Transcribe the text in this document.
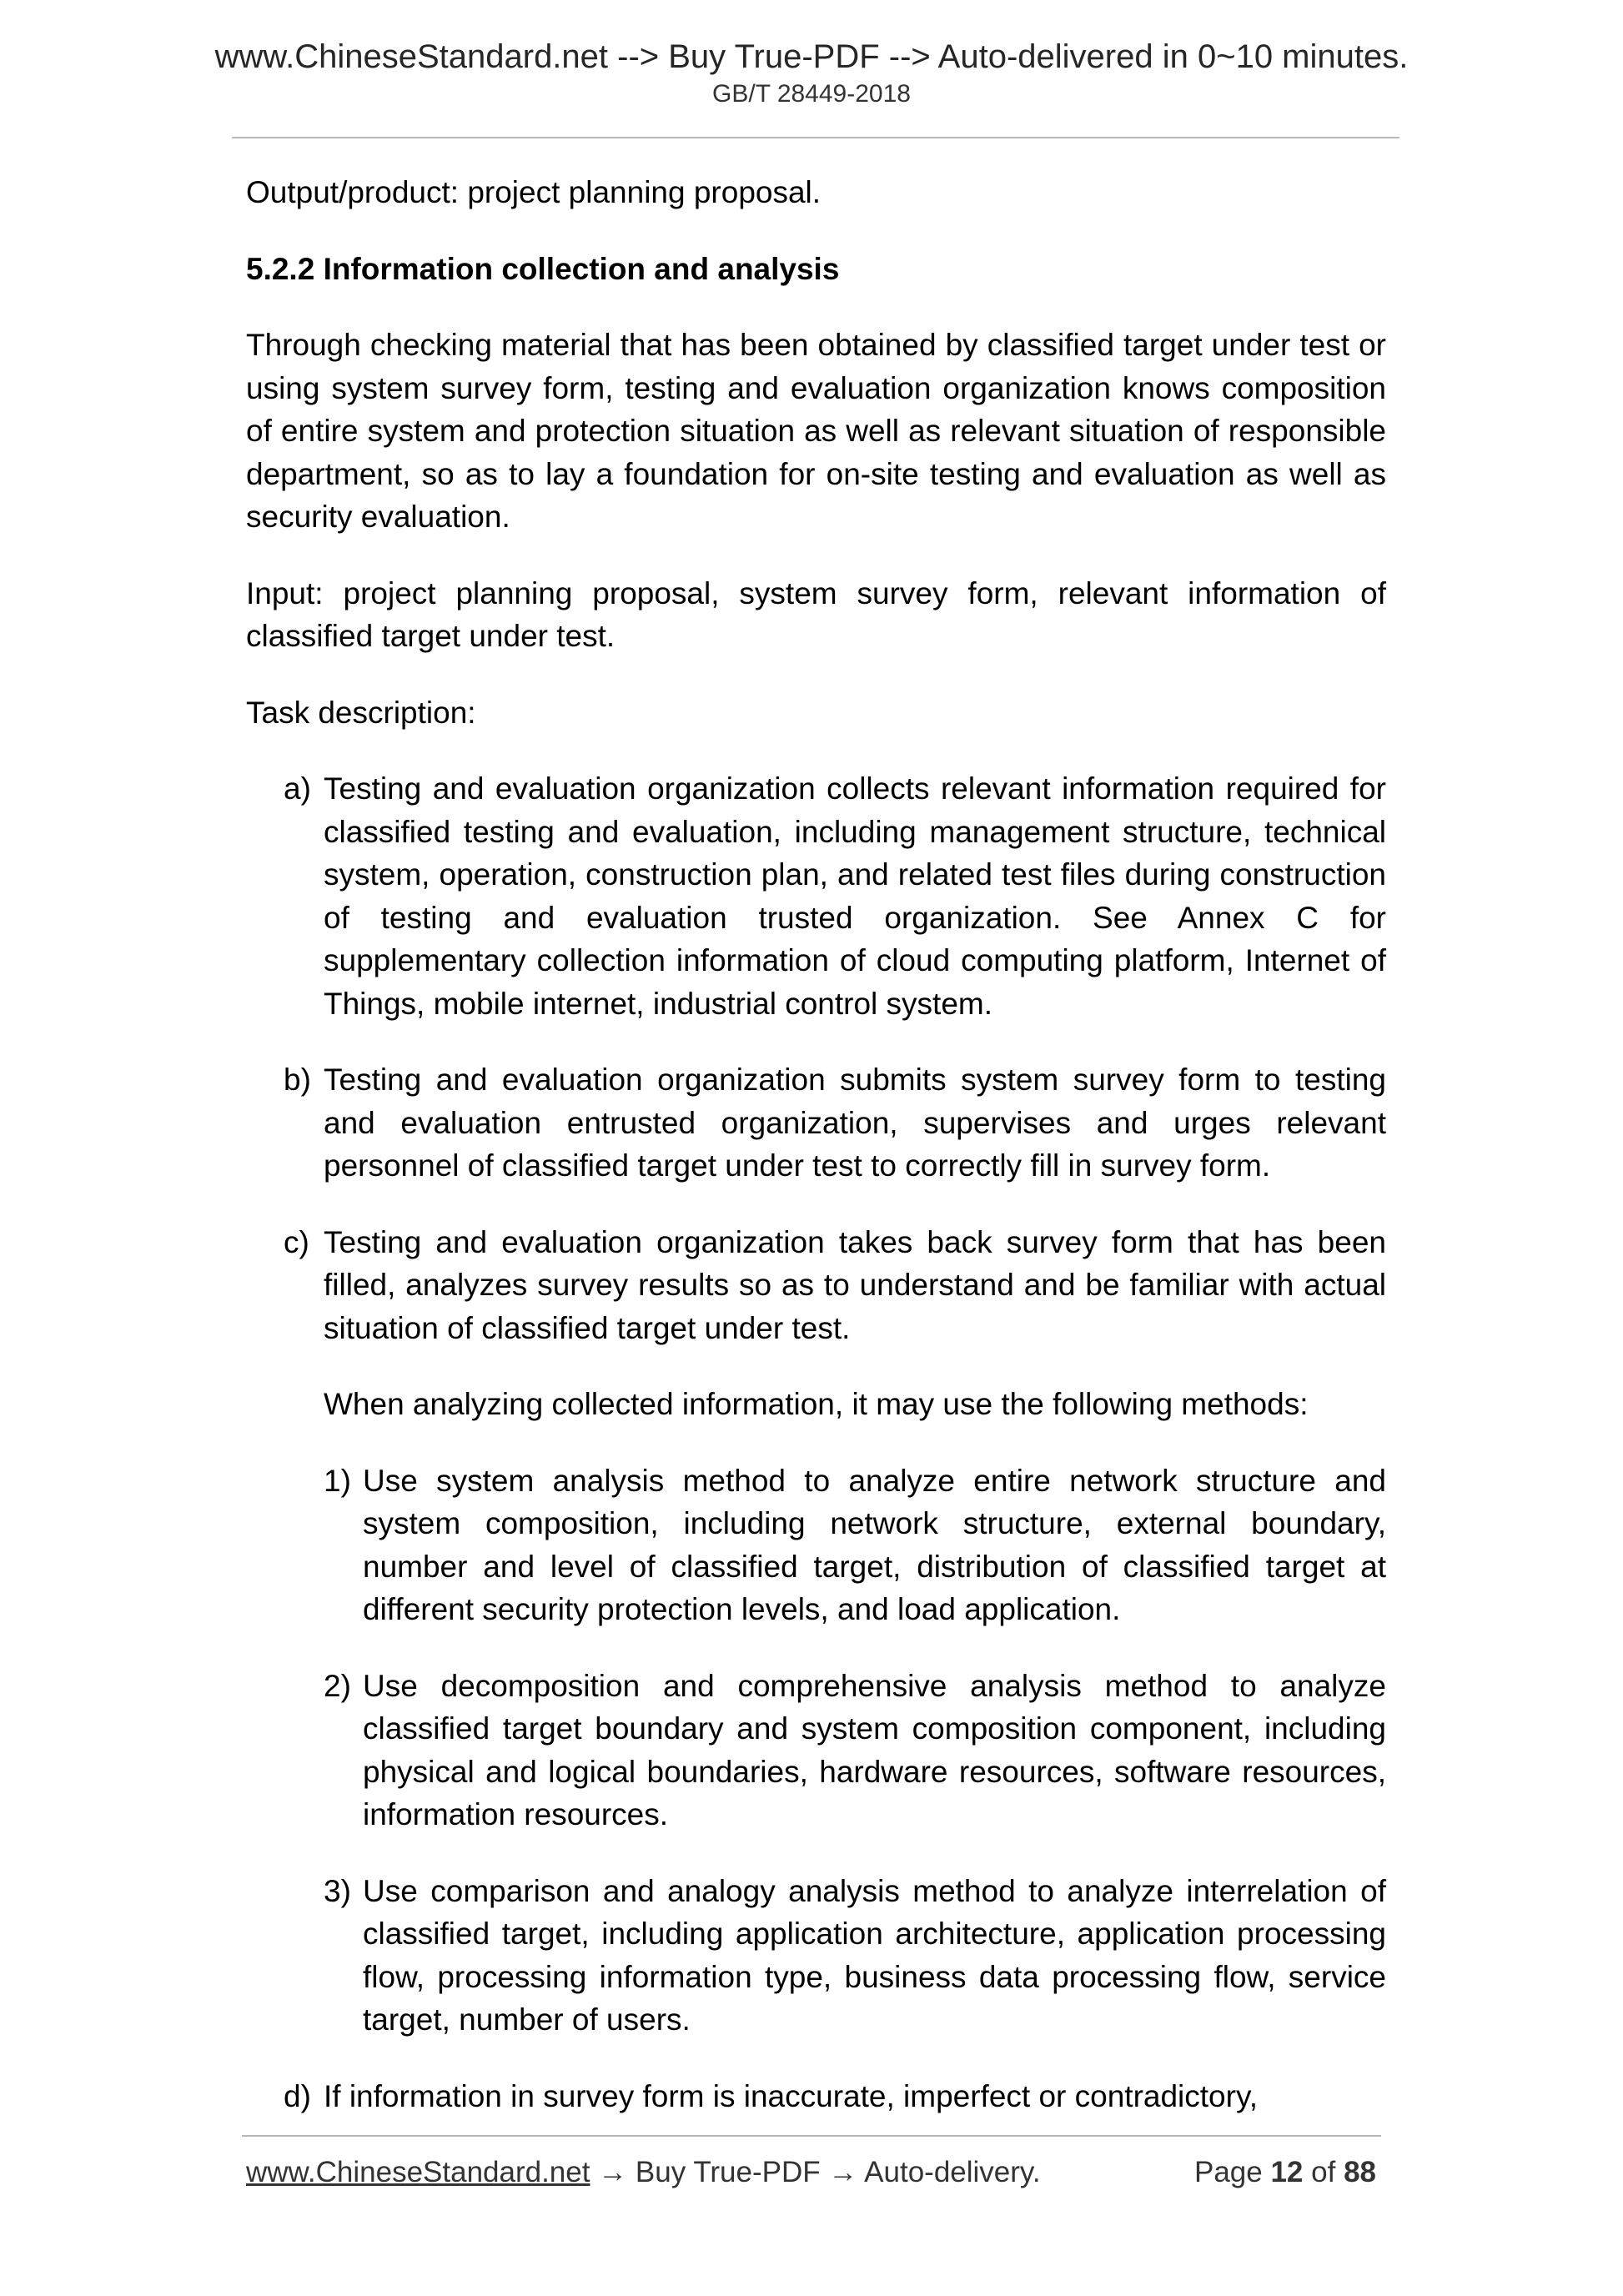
www.ChineseStandard.net --> Buy True-PDF --> Auto-delivered in 0~10 minutes.
GB/T 28449-2018

Output/product: project planning proposal.

5.2.2 Information collection and analysis

Through checking material that has been obtained by classified target under test or using system survey form, testing and evaluation organization knows composition of entire system and protection situation as well as relevant situation of responsible department, so as to lay a foundation for on-site testing and evaluation as well as security evaluation.

Input: project planning proposal, system survey form, relevant information of classified target under test.

Task description:

a) Testing and evaluation organization collects relevant information required for classified testing and evaluation, including management structure, technical system, operation, construction plan, and related test files during construction of testing and evaluation trusted organization. See Annex C for supplementary collection information of cloud computing platform, Internet of Things, mobile internet, industrial control system.
b) Testing and evaluation organization submits system survey form to testing and evaluation entrusted organization, supervises and urges relevant personnel of classified target under test to correctly fill in survey form.
c) Testing and evaluation organization takes back survey form that has been filled, analyzes survey results so as to understand and be familiar with actual situation of classified target under test.

When analyzing collected information, it may use the following methods:

1) Use system analysis method to analyze entire network structure and system composition, including network structure, external boundary, number and level of classified target, distribution of classified target at different security protection levels, and load application.
2) Use decomposition and comprehensive analysis method to analyze classified target boundary and system composition component, including physical and logical boundaries, hardware resources, software resources, information resources.
3) Use comparison and analogy analysis method to analyze interrelation of classified target, including application architecture, application processing flow, processing information type, business data processing flow, service target, number of users.
d) If information in survey form is inaccurate, imperfect or contradictory,
www.ChineseStandard.net → Buy True-PDF → Auto-delivery.	Page 12 of 88
